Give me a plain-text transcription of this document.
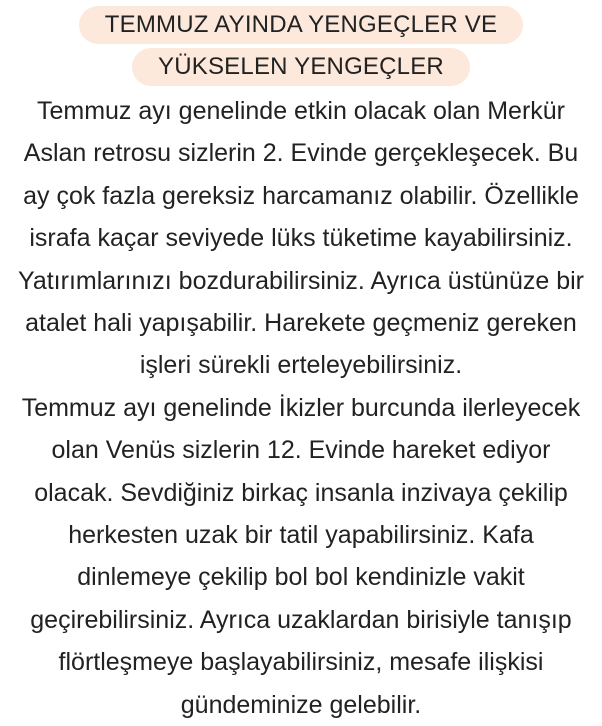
TEMMUZ AYINDA YENGEÇLER VE
YÜKSELEN YENGEÇLER
Temmuz ayı genelinde etkin olacak olan Merkür
Aslan retrosu sizlerin 2. Evinde gerçekleşecek. Bu
ay çok fazla gereksiz harcamanız olabilir. Özellikle
israfa kaçar seviyede lüks tüketime kayabilirsiniz.
Yatırımlarınızı bozdurabilirsiniz. Ayrıca üstünüze bir
atalet hali yapışabilir. Harekete geçmeniz gereken
işleri sürekli erteleyebilirsiniz.
Temmuz ayı genelinde İkizler burcunda ilerleyecek
olan Venüs sizlerin 12. Evinde hareket ediyor
olacak. Sevdiğiniz birkaç insanla inzivaya çekilip
herkesten uzak bir tatil yapabilirsiniz. Kafa
dinlemeye çekilip bol bol kendinizle vakit
geçirebilirsiniz. Ayrıca uzaklardan birisiyle tanışıp
flörtleşmeye başlayabilirsiniz, mesafe ilişkisi
gündeminize gelebilir.
